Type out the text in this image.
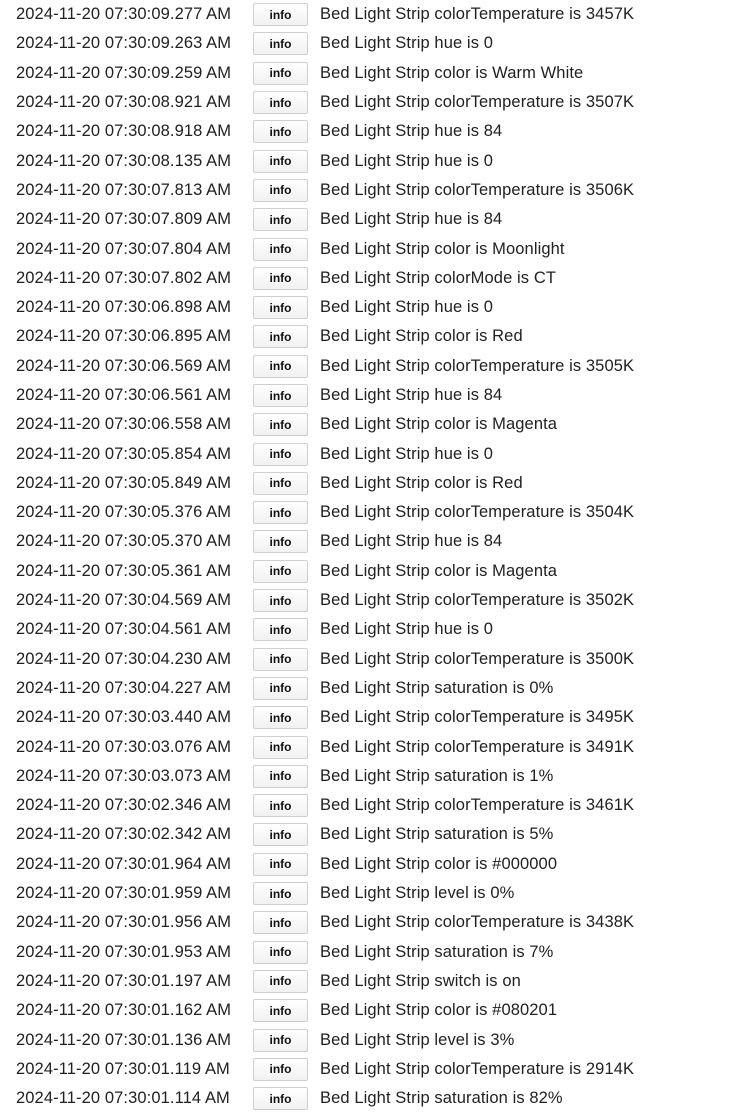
2024-11-20 07:30:09.277 AM	info	Bed Light Strip colorTemperature is 3457K
2024-11-20 07:30:09.263 AM	info	Bed Light Strip hue is 0
2024-11-20 07:30:09.259 AM	info	Bed Light Strip color is Warm White
2024-11-20 07:30:08.921 AM	info	Bed Light Strip colorTemperature is 3507K
2024-11-20 07:30:08.918 AM	info	Bed Light Strip hue is 84
2024-11-20 07:30:08.135 AM	info	Bed Light Strip hue is 0
2024-11-20 07:30:07.813 AM	info	Bed Light Strip colorTemperature is 3506K
2024-11-20 07:30:07.809 AM	info	Bed Light Strip hue is 84
2024-11-20 07:30:07.804 AM	info	Bed Light Strip color is Moonlight
2024-11-20 07:30:07.802 AM	info	Bed Light Strip colorMode is CT
2024-11-20 07:30:06.898 AM	info	Bed Light Strip hue is 0
2024-11-20 07:30:06.895 AM	info	Bed Light Strip color is Red
2024-11-20 07:30:06.569 AM	info	Bed Light Strip colorTemperature is 3505K
2024-11-20 07:30:06.561 AM	info	Bed Light Strip hue is 84
2024-11-20 07:30:06.558 AM	info	Bed Light Strip color is Magenta
2024-11-20 07:30:05.854 AM	info	Bed Light Strip hue is 0
2024-11-20 07:30:05.849 AM	info	Bed Light Strip color is Red
2024-11-20 07:30:05.376 AM	info	Bed Light Strip colorTemperature is 3504K
2024-11-20 07:30:05.370 AM	info	Bed Light Strip hue is 84
2024-11-20 07:30:05.361 AM	info	Bed Light Strip color is Magenta
2024-11-20 07:30:04.569 AM	info	Bed Light Strip colorTemperature is 3502K
2024-11-20 07:30:04.561 AM	info	Bed Light Strip hue is 0
2024-11-20 07:30:04.230 AM	info	Bed Light Strip colorTemperature is 3500K
2024-11-20 07:30:04.227 AM	info	Bed Light Strip saturation is 0%
2024-11-20 07:30:03.440 AM	info	Bed Light Strip colorTemperature is 3495K
2024-11-20 07:30:03.076 AM	info	Bed Light Strip colorTemperature is 3491K
2024-11-20 07:30:03.073 AM	info	Bed Light Strip saturation is 1%
2024-11-20 07:30:02.346 AM	info	Bed Light Strip colorTemperature is 3461K
2024-11-20 07:30:02.342 AM	info	Bed Light Strip saturation is 5%
2024-11-20 07:30:01.964 AM	info	Bed Light Strip color is #000000
2024-11-20 07:30:01.959 AM	info	Bed Light Strip level is 0%
2024-11-20 07:30:01.956 AM	info	Bed Light Strip colorTemperature is 3438K
2024-11-20 07:30:01.953 AM	info	Bed Light Strip saturation is 7%
2024-11-20 07:30:01.197 AM	info	Bed Light Strip switch is on
2024-11-20 07:30:01.162 AM	info	Bed Light Strip color is #080201
2024-11-20 07:30:01.136 AM	info	Bed Light Strip level is 3%
2024-11-20 07:30:01.119 AM	info	Bed Light Strip colorTemperature is 2914K
2024-11-20 07:30:01.114 AM	info	Bed Light Strip saturation is 82%
